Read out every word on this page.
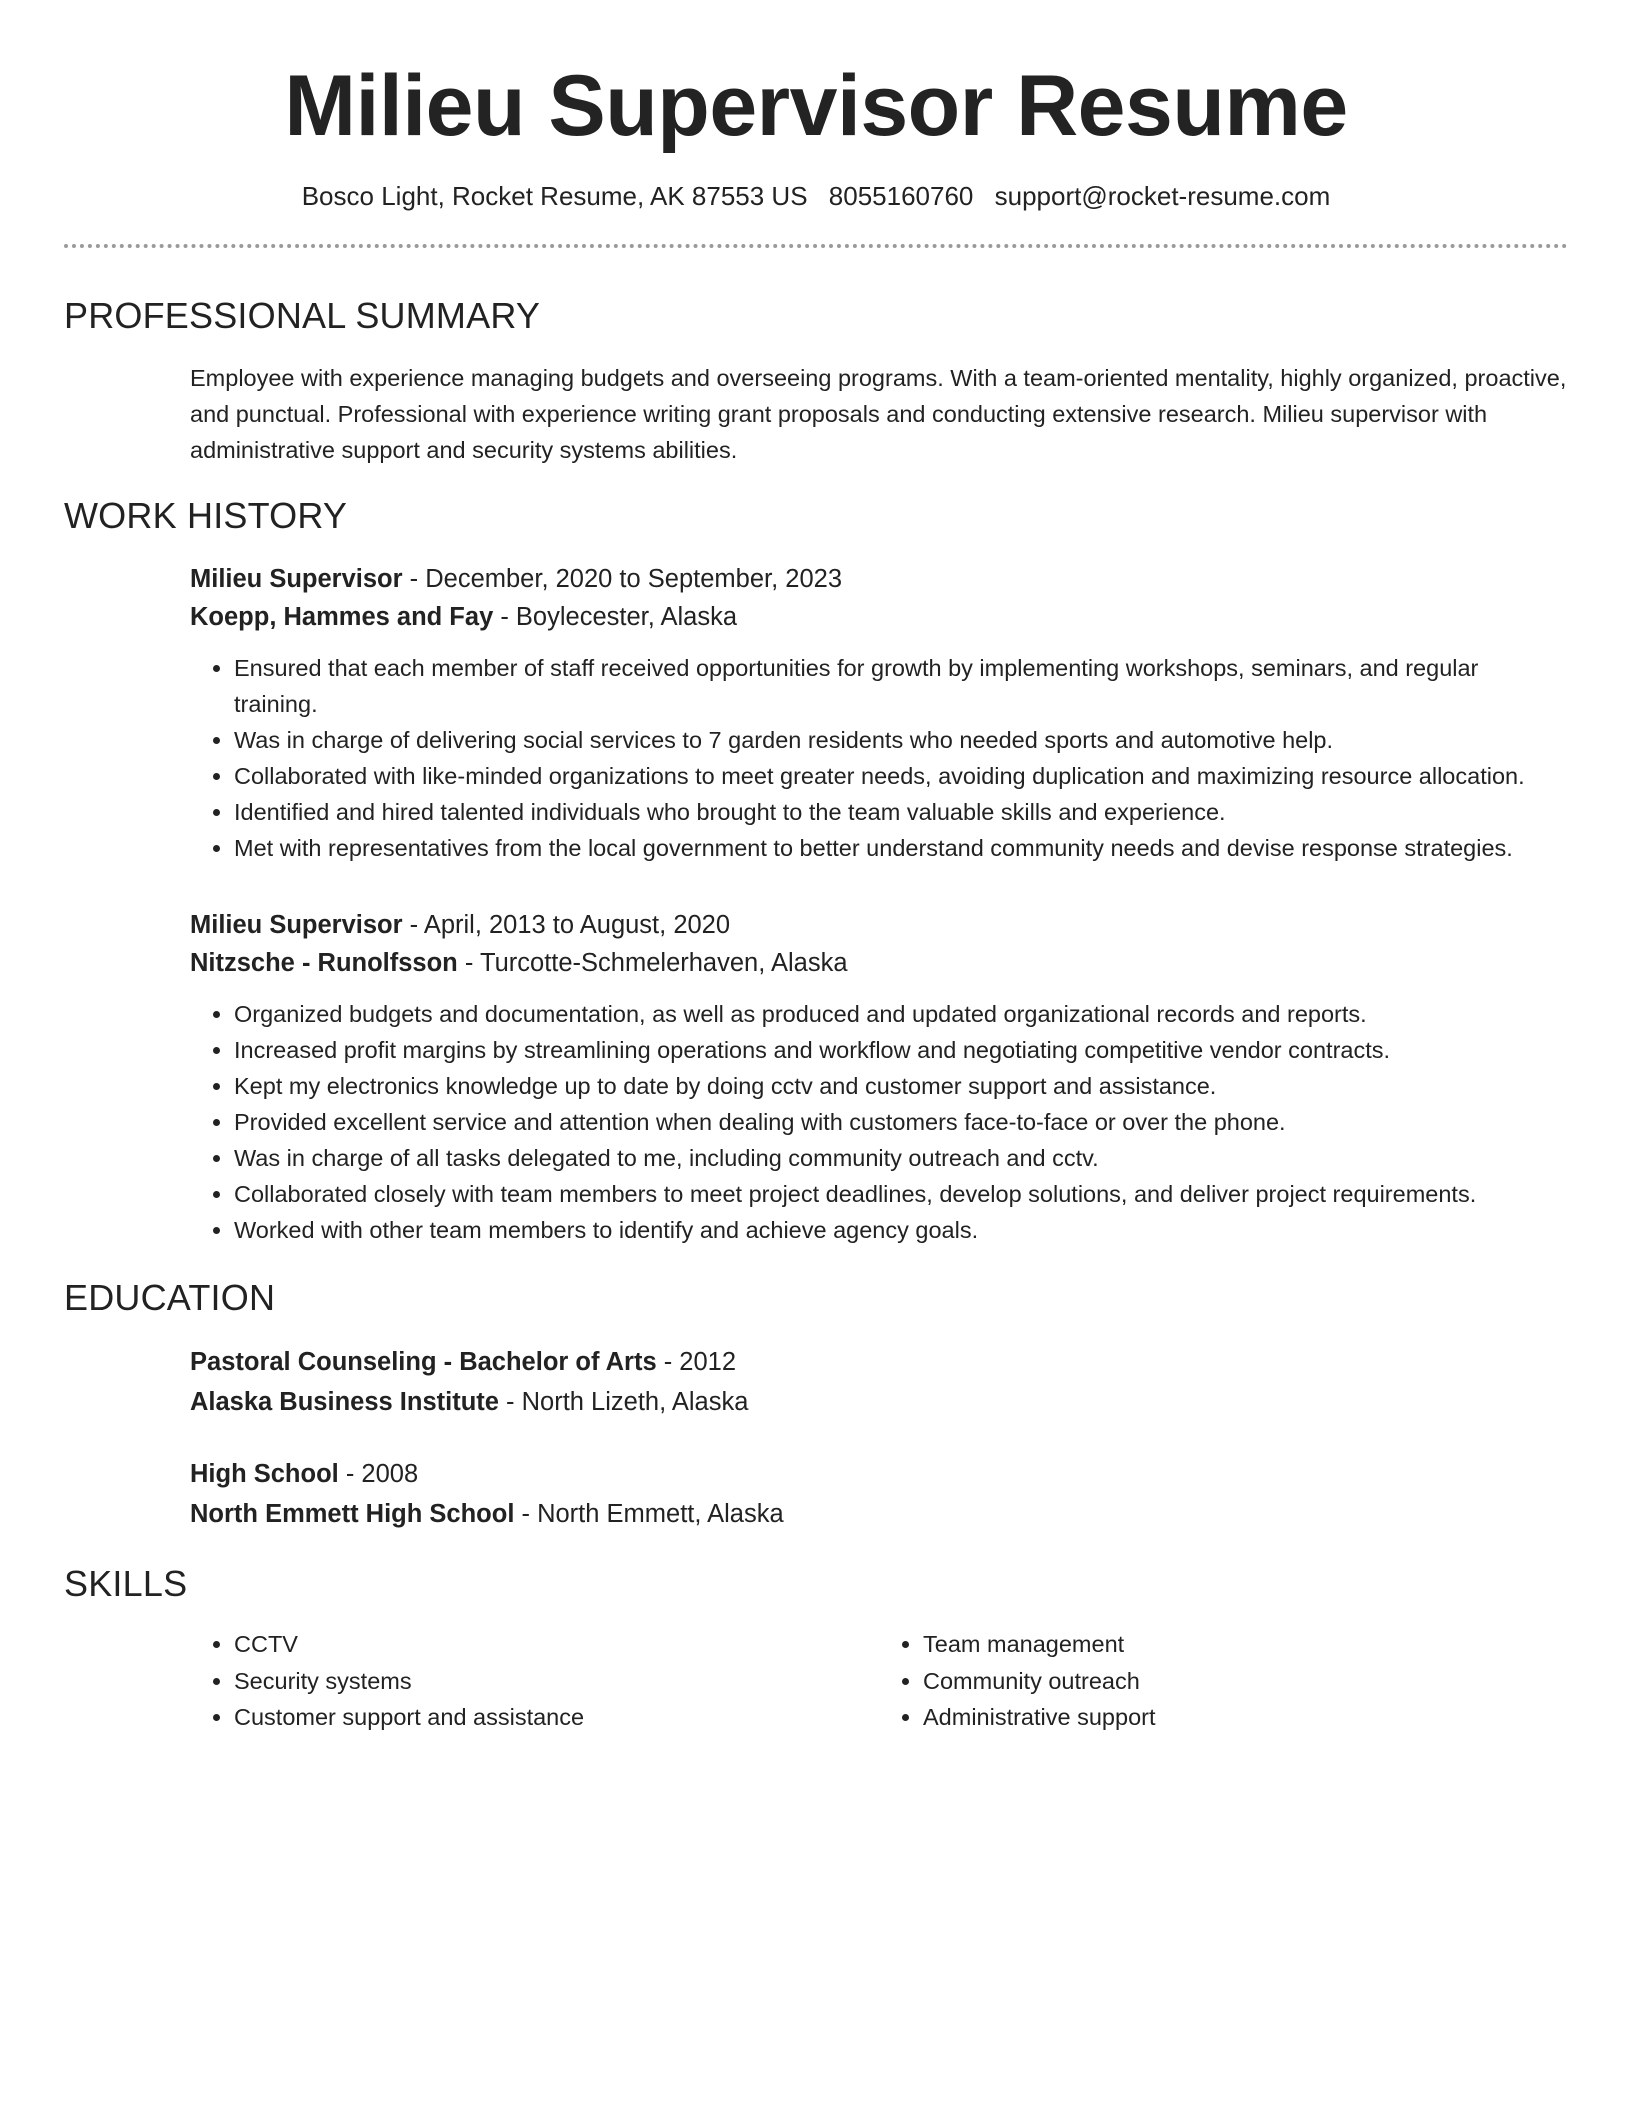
Milieu Supervisor Resume
Bosco Light, Rocket Resume, AK 87553 US 8055160760 support@rocket-resume.com
PROFESSIONAL SUMMARY
Employee with experience managing budgets and overseeing programs. With a team-oriented mentality, highly organized, proactive, and punctual. Professional with experience writing grant proposals and conducting extensive research. Milieu supervisor with administrative support and security systems abilities.
WORK HISTORY
Milieu Supervisor - December, 2020 to September, 2023
Koepp, Hammes and Fay - Boylecester, Alaska
• Ensured that each member of staff received opportunities for growth by implementing workshops, seminars, and regular training.
• Was in charge of delivering social services to 7 garden residents who needed sports and automotive help.
• Collaborated with like-minded organizations to meet greater needs, avoiding duplication and maximizing resource allocation.
• Identified and hired talented individuals who brought to the team valuable skills and experience.
• Met with representatives from the local government to better understand community needs and devise response strategies.
Milieu Supervisor - April, 2013 to August, 2020
Nitzsche - Runolfsson - Turcotte-Schmelerhaven, Alaska
• Organized budgets and documentation, as well as produced and updated organizational records and reports.
• Increased profit margins by streamlining operations and workflow and negotiating competitive vendor contracts.
• Kept my electronics knowledge up to date by doing cctv and customer support and assistance.
• Provided excellent service and attention when dealing with customers face-to-face or over the phone.
• Was in charge of all tasks delegated to me, including community outreach and cctv.
• Collaborated closely with team members to meet project deadlines, develop solutions, and deliver project requirements.
• Worked with other team members to identify and achieve agency goals.
EDUCATION
Pastoral Counseling - Bachelor of Arts - 2012
Alaska Business Institute - North Lizeth, Alaska
High School - 2008
North Emmett High School - North Emmett, Alaska
SKILLS
• CCTV
• Security systems
• Customer support and assistance
• Team management
• Community outreach
• Administrative support
